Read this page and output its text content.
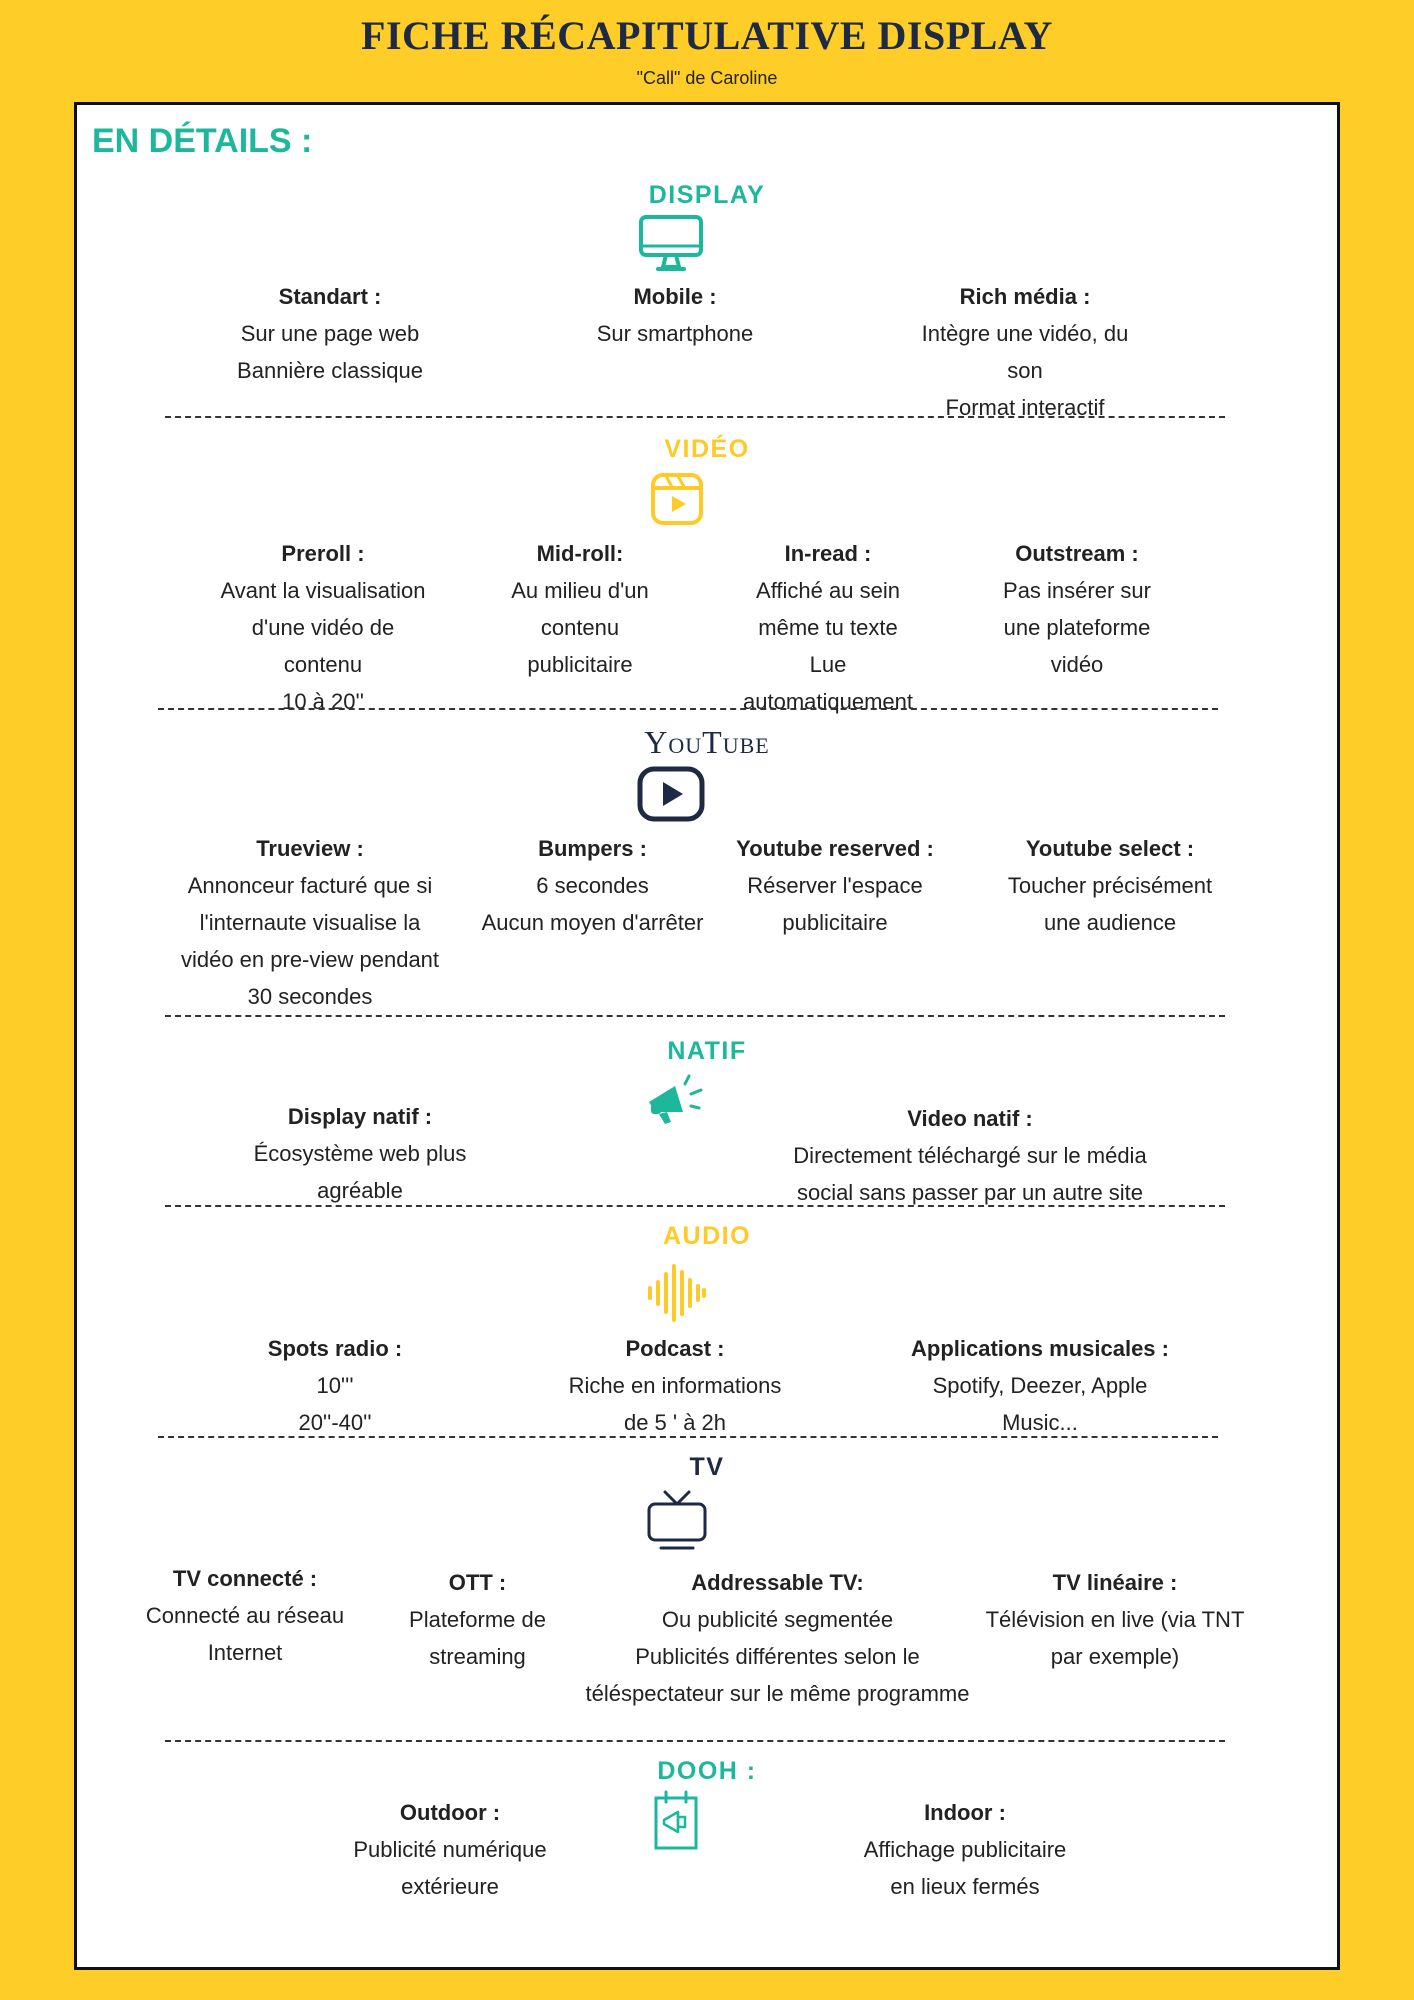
FICHE RÉCAPITULATIVE DISPLAY
"Call" de Caroline
EN DÉTAILS :
DISPLAY
Standart :
Sur une page web
Bannière classique
Mobile :
Sur smartphone
Rich média :
Intègre une vidéo, du
son
Format interactif
VIDÉO
Preroll :
Avant la visualisation
d'une vidéo de
contenu
10 à 20''
Mid-roll:
Au milieu d'un
contenu
publicitaire
In-read :
Affiché au sein
même tu texte
Lue
automatiquement
Outstream :
Pas insérer sur
une plateforme
vidéo
YouTube
Trueview :
Annonceur facturé que si
l'internaute visualise la
vidéo en pre-view pendant
30 secondes
Bumpers :
6 secondes
Aucun moyen d'arrêter
Youtube reserved :
Réserver l'espace
publicitaire
Youtube select :
Toucher précisément
une audience
NATIF
Display natif :
Écosystème web plus
agréable
Video natif :
Directement téléchargé sur le média
social sans passer par un autre site
AUDIO
Spots radio :
10'''
20''-40''
Podcast :
Riche en informations
de 5 ' à 2h
Applications musicales :
Spotify, Deezer, Apple
Music...
TV
TV connecté :
Connecté au réseau
Internet
OTT :
Plateforme de
streaming
Addressable TV:
Ou publicité segmentée
Publicités différentes selon le
téléspectateur sur le même programme
TV linéaire :
Télévision en live (via TNT
par exemple)
DOOH :
Outdoor :
Publicité numérique
extérieure
Indoor :
Affichage publicitaire
en lieux fermés
